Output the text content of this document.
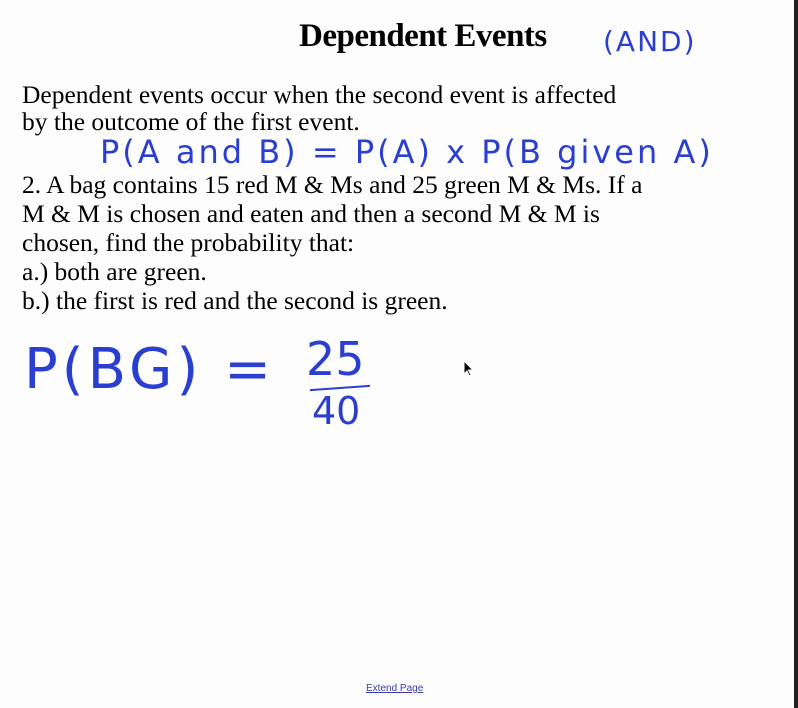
Dependent Events (AND)
Dependent events occur when the second event is affected
by the outcome of the first event.
P(A and B) = P(A) x P(B given A)
2. A bag contains 15 red M & Ms and 25 green M & Ms. If a
M & M is chosen and eaten and then a second M & M is
chosen, find the probability that:
a.) both are green.
b.) the first is red and the second is green.
P(BG) = 25
40
Extend Page
